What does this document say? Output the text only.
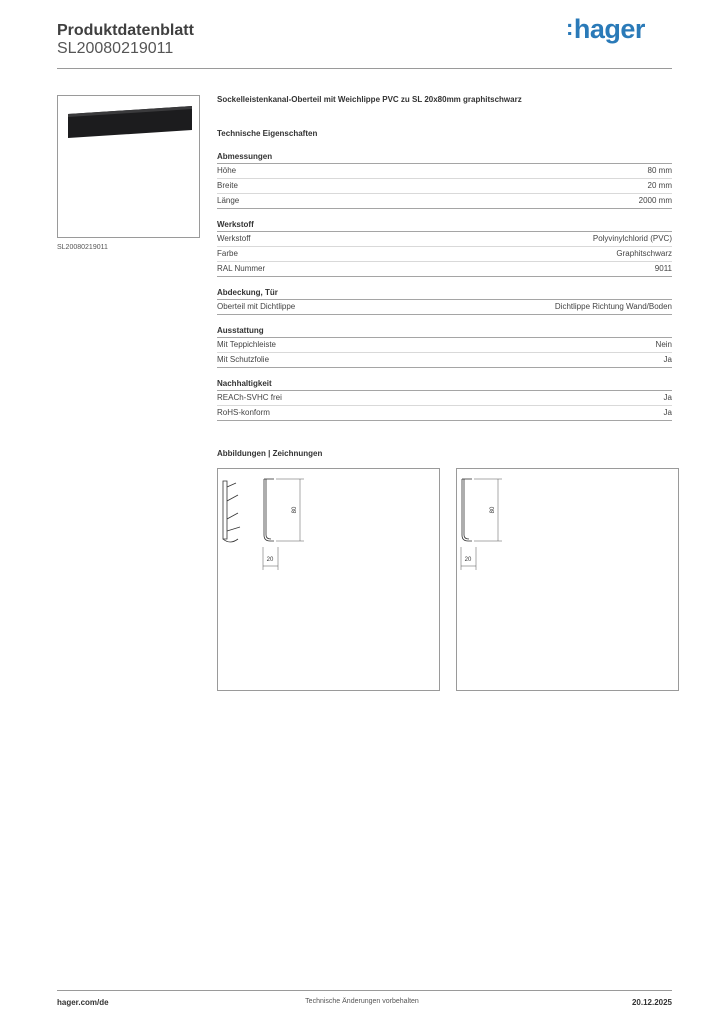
Produktdatenblatt
SL20080219011
:hager
SL20080219011
Sockelleistenkanal-Oberteil mit Weichlippe PVC zu SL 20x80mm graphitschwarz
Technische Eigenschaften
Abmessungen
Höhe	80 mm
Breite	20 mm
Länge	2000 mm
Werkstoff
Werkstoff	Polyvinylchlorid (PVC)
Farbe	Graphitschwarz
RAL Nummer	9011
Abdeckung, Tür
Oberteil mit Dichtlippe	Dichtlippe Richtung Wand/Boden
Ausstattung
Mit Teppichleiste	Nein
Mit Schutzfolie	Ja
Nachhaltigkeit
REACh-SVHC frei	Ja
RoHS-konform	Ja
Abbildungen | Zeichnungen
80
20
80
20
hager.com/de	Technische Änderungen vorbehalten	20.12.2025
